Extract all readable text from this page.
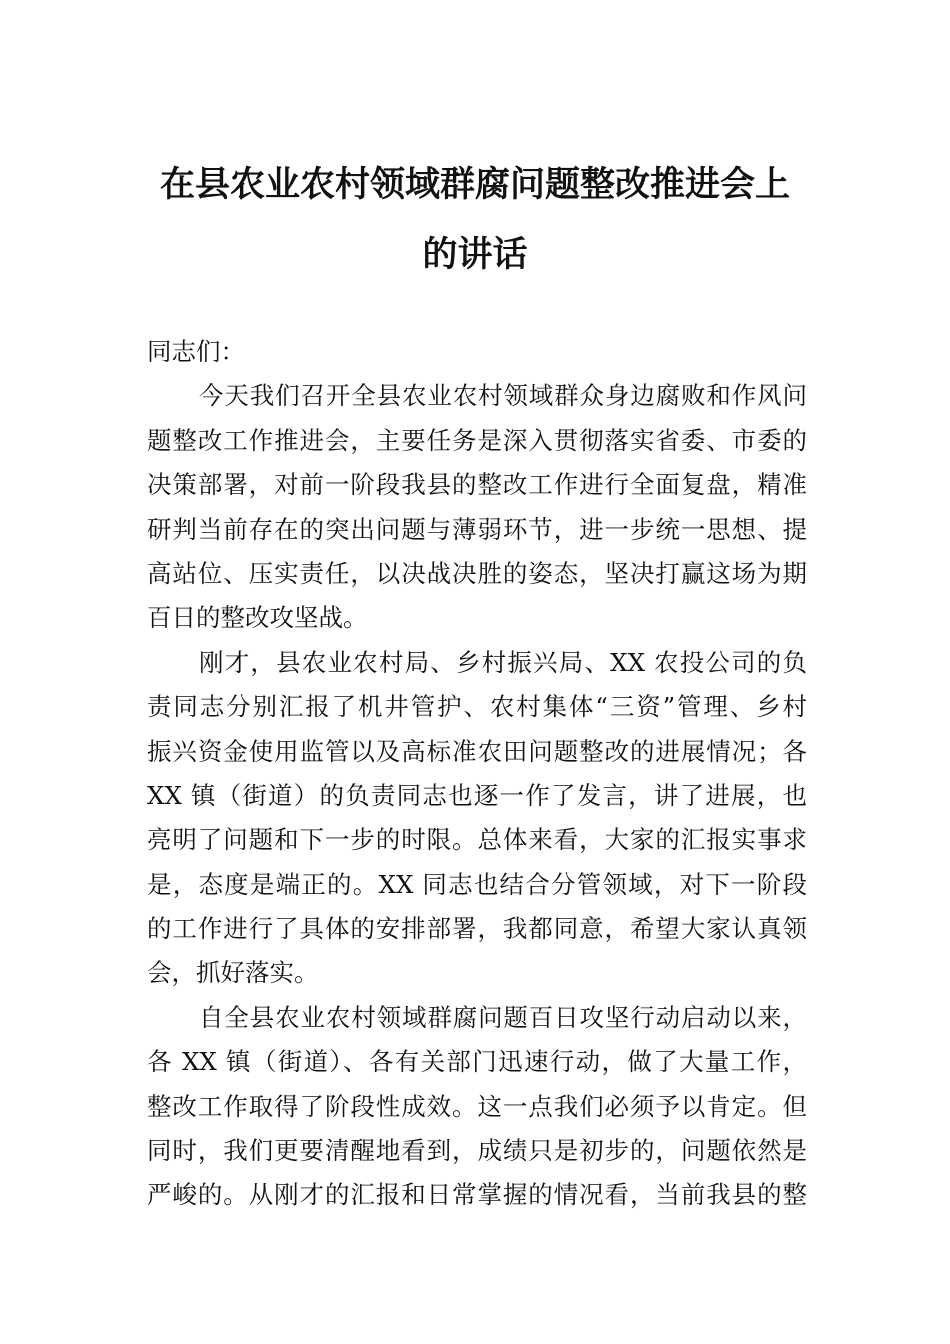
在县农业农村领域群腐问题整改推进会上
的讲话
同志们：
今天我们召开全县农业农村领域群众身边腐败和作风问
题整改工作推进会，主要任务是深入贯彻落实省委、市委的
决策部署，对前一阶段我县的整改工作进行全面复盘，精准
研判当前存在的突出问题与薄弱环节，进一步统一思想、提
高站位、压实责任，以决战决胜的姿态，坚决打赢这场为期
百日的整改攻坚战。
刚才，县农业农村局、乡村振兴局、XX 农投公司的负
责同志分别汇报了机井管护、农村集体“三资”管理、乡村
振兴资金使用监管以及高标准农田问题整改的进展情况；各
XX 镇（街道）的负责同志也逐一作了发言，讲了进展，也
亮明了问题和下一步的时限。总体来看，大家的汇报实事求
是，态度是端正的。XX 同志也结合分管领域，对下一阶段
的工作进行了具体的安排部署，我都同意，希望大家认真领
会，抓好落实。
自全县农业农村领域群腐问题百日攻坚行动启动以来，
各 XX 镇（街道）、各有关部门迅速行动，做了大量工作，
整改工作取得了阶段性成效。这一点我们必须予以肯定。但
同时，我们更要清醒地看到，成绩只是初步的，问题依然是
严峻的。从刚才的汇报和日常掌握的情况看，当前我县的整
